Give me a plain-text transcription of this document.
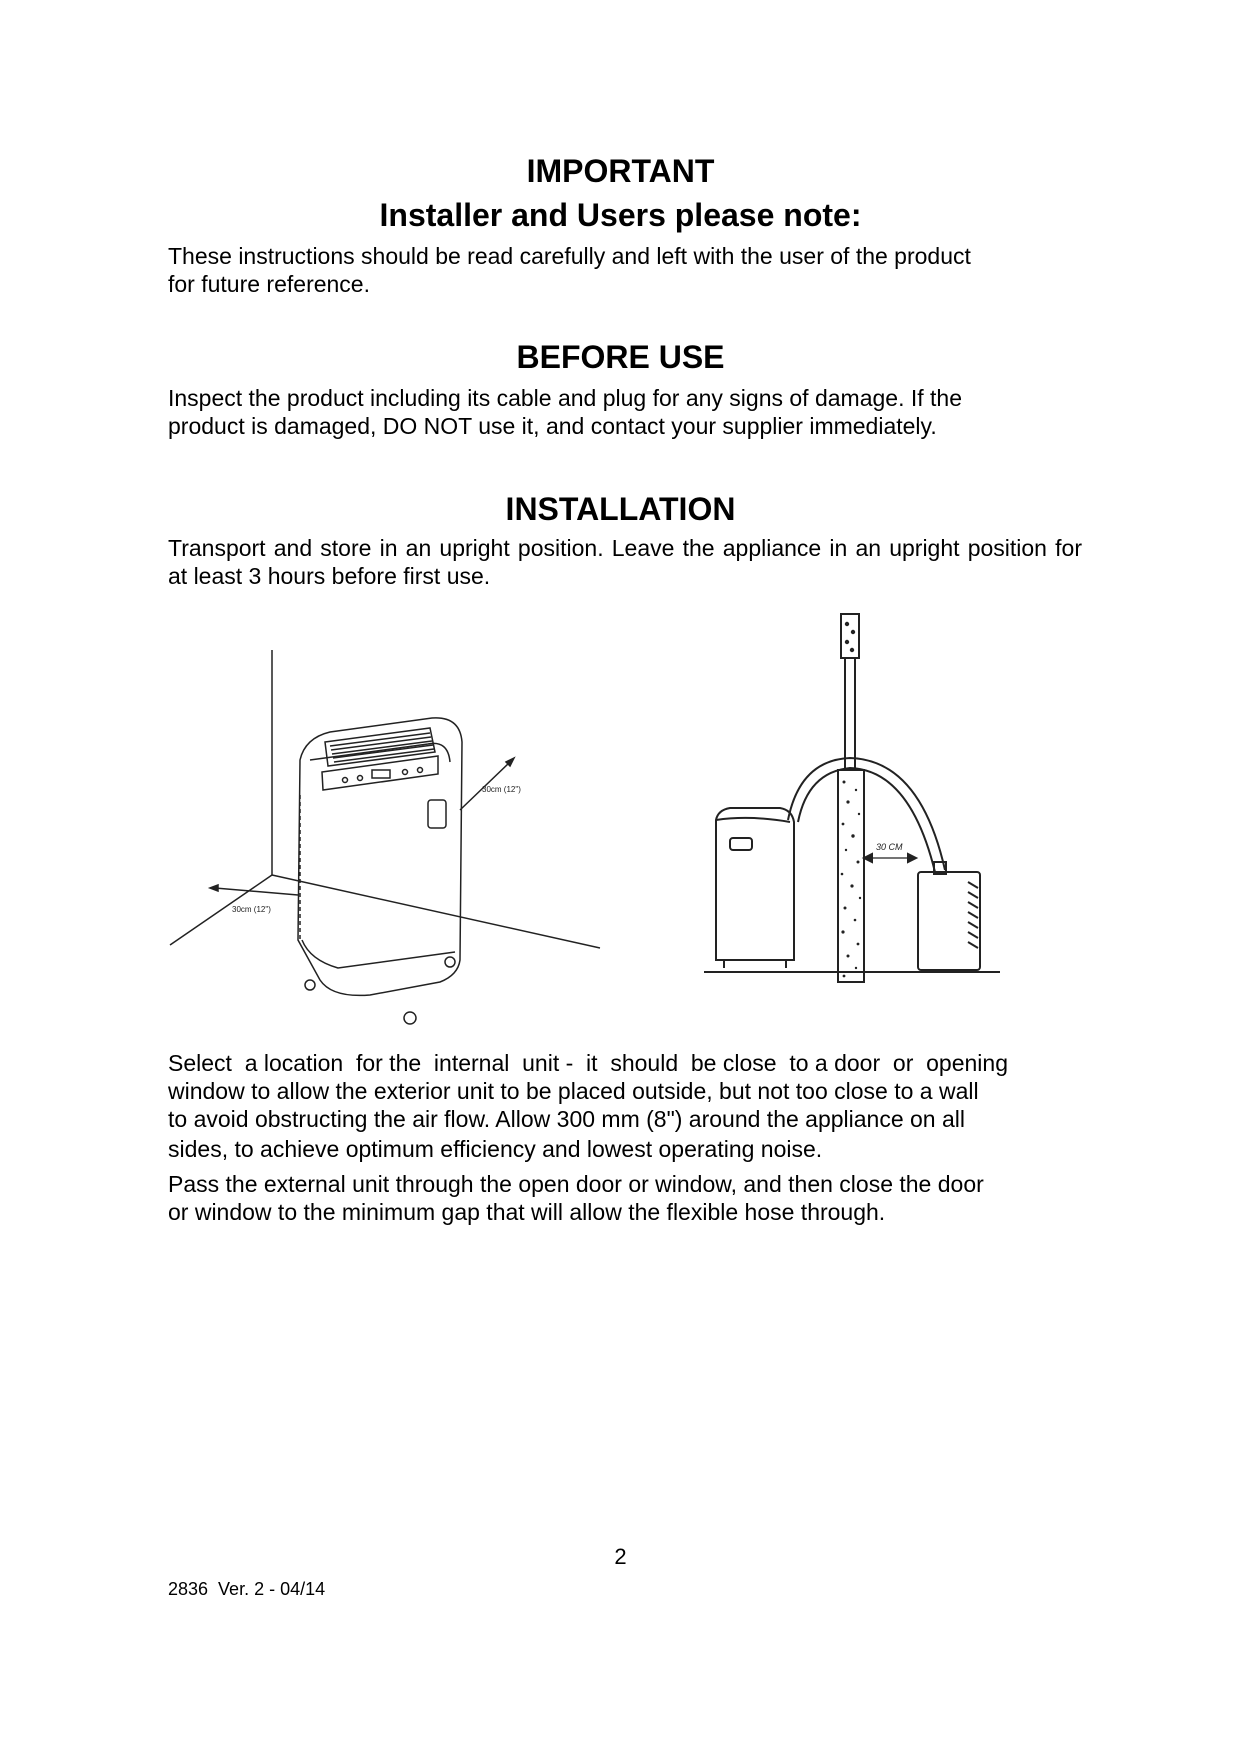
IMPORTANT
Installer and Users please note:
These instructions should be read carefully and left with the user of the product
for future reference.
BEFORE USE
Inspect the product including its cable and plug for any signs of damage. If the
product is damaged, DO NOT use it, and contact your supplier immediately.
INSTALLATION

Transport and store in an upright position. Leave the appliance in an upright position for at least 3 hours before first use.

30cm (12")
30cm (12")
30 CM
Select  a location  for the  internal  unit -  it  should  be close  to a door  or  opening
window to allow the exterior unit to be placed outside, but not too close to a wall
to avoid obstructing the air flow. Allow 300 mm (8") around the appliance on all
sides, to achieve optimum efficiency and lowest operating noise.
Pass the external unit through the open door or window, and then close the door
or window to the minimum gap that will allow the flexible hose through.
2
2836  Ver. 2 - 04/14
